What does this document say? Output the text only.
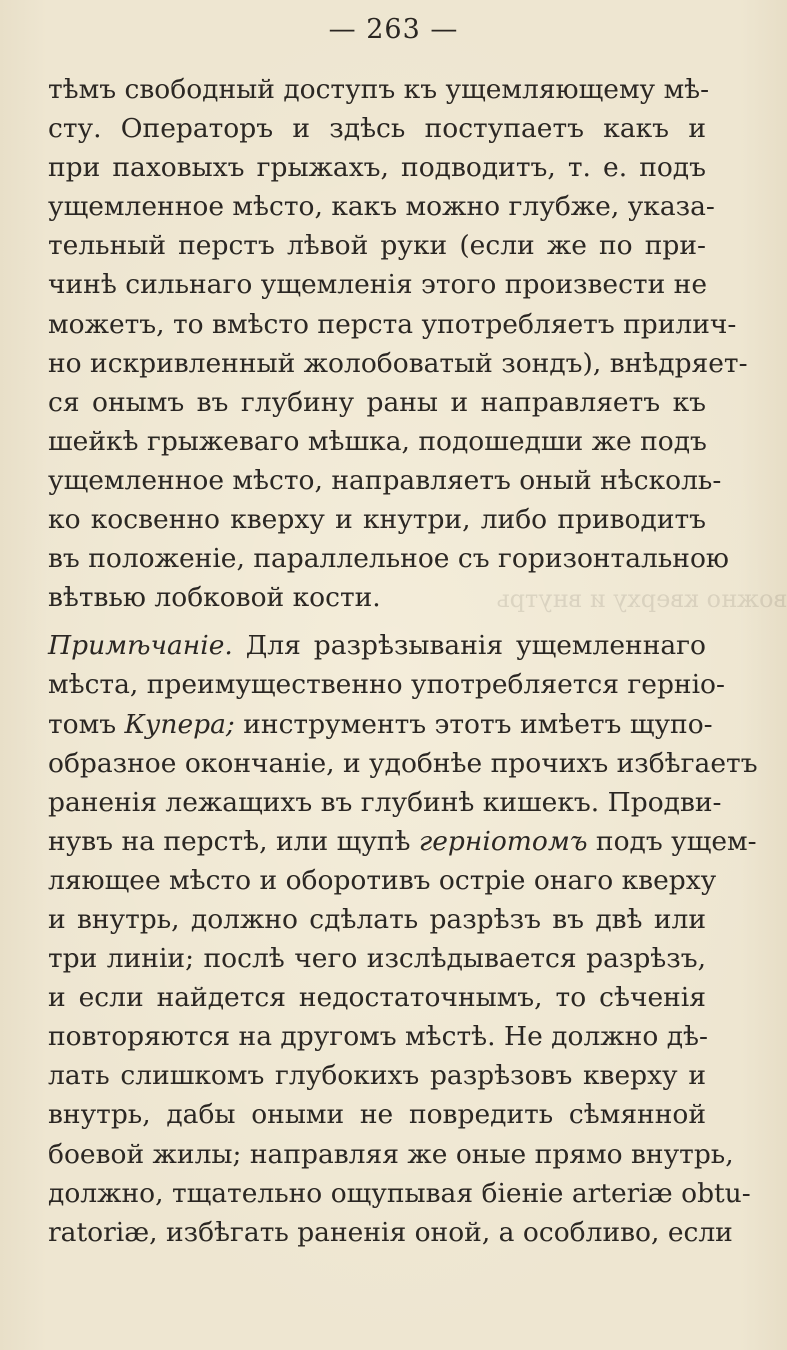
вожно кверху и внутрь
— 263 —
тѣмъ свободный доступъ къ ущемляющему мѣ-
сту. Операторъ и здѣсь поступаетъ какъ и
при паховыхъ грыжахъ, подводитъ, т. е. подъ
ущемленное мѣсто, какъ можно глубже, указа-
тельный перстъ лѣвой руки (если же по при-
чинѣ сильнаго ущемленія этого произвести не
можетъ, то вмѣсто перста употребляетъ прилич-
но искривленный жолобоватый зондъ), внѣдряет-
ся онымъ въ глубину раны и направляетъ къ
шейкѣ грыжеваго мѣшка, подошедши же подъ
ущемленное мѣсто, направляетъ оный нѣсколь-
ко косвенно кверху и кнутри, либо приводитъ
въ положеніе, параллельное съ горизонтальною
вѣтвью лобковой кости.
Примѣчаніе. Для разрѣзыванія ущемленнаго
мѣста, преимущественно употребляется герніо-
томъ Купера; инструментъ этотъ имѣетъ щупо-
образное окончаніе, и удобнѣе прочихъ избѣгаетъ
раненія лежащихъ въ глубинѣ кишекъ. Продви-
нувъ на перстѣ, или щупѣ герніотомъ подъ ущем-
ляющее мѣсто и оборотивъ остріе онаго кверху
и внутрь, должно сдѣлать разрѣзъ въ двѣ или
три линіи; послѣ чего изслѣдывается разрѣзъ,
и если найдется недостаточнымъ, то сѣченія
повторяются на другомъ мѣстѣ. Не должно дѣ-
лать слишкомъ глубокихъ разрѣзовъ кверху и
внутрь, дабы оными не повредить сѣмянной
боевой жилы; направляя же оные прямо внутрь,
должно, тщательно ощупывая біеніе arteriæ obtu-
ratoriæ, избѣгать раненія оной, а особливо, если
